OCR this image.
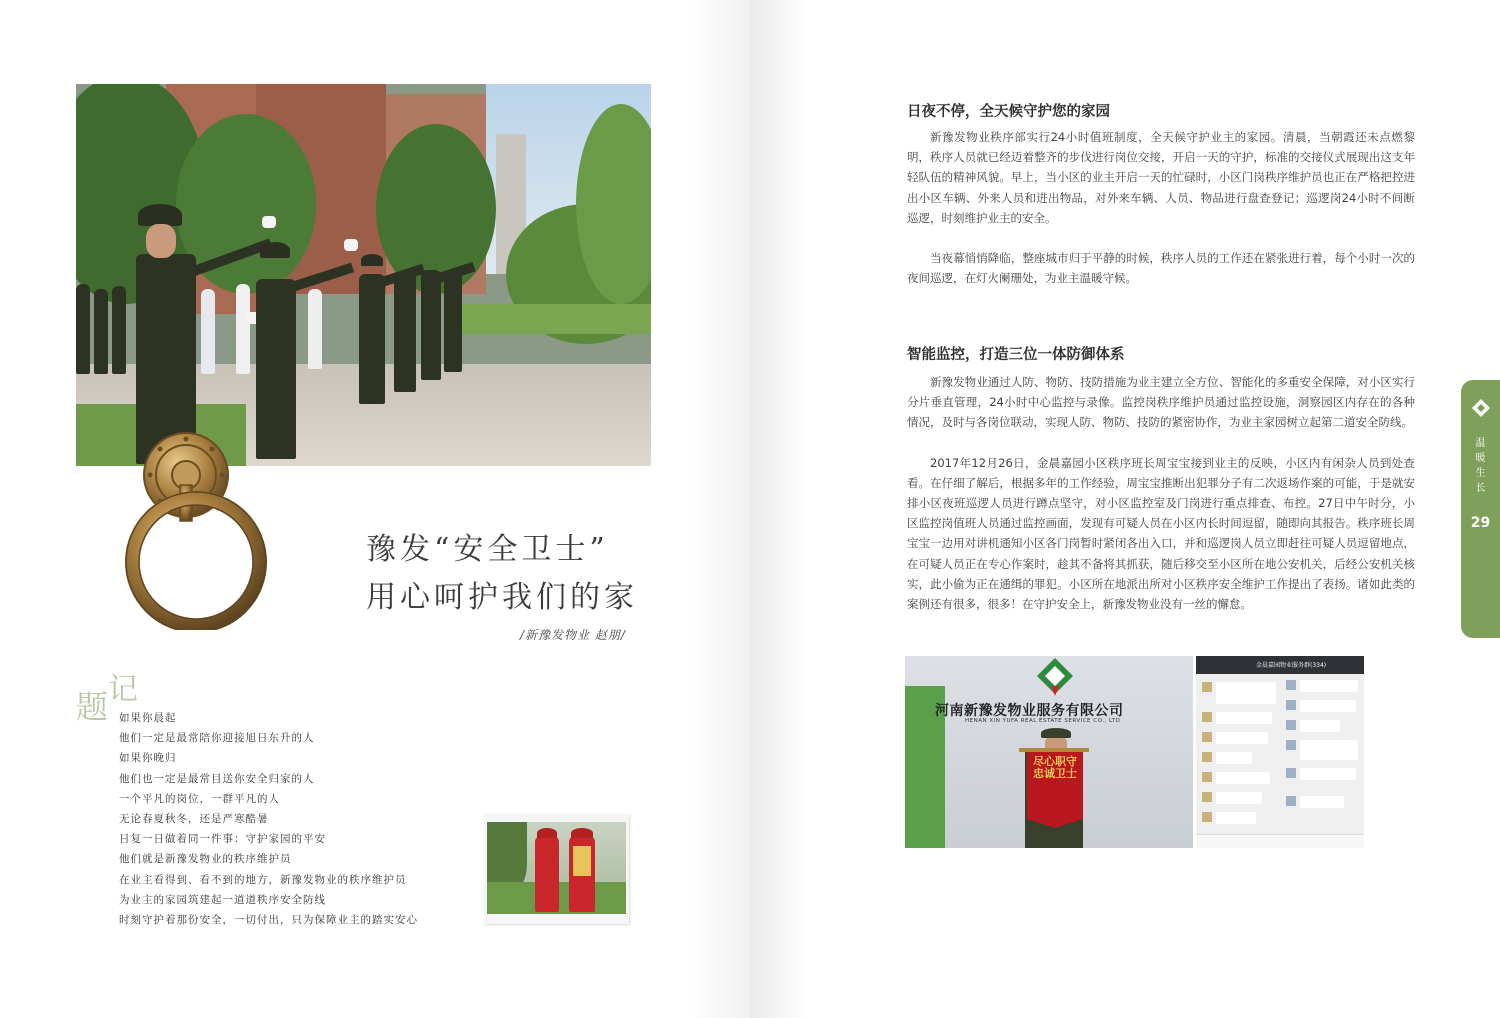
豫发“安全卫士”
用心呵护我们的家
/新豫发物业 赵朋/
题 记
如果你晨起
他们一定是最常陪你迎接旭日东升的人
如果你晚归
他们也一定是最常目送你安全归家的人
一个平凡的岗位，一群平凡的人
无论春夏秋冬，还是严寒酷暑
日复一日做着同一件事：守护家园的平安
他们就是新豫发物业的秩序维护员
在业主看得到、看不到的地方，新豫发物业的秩序维护员
为业主的家园筑建起一道道秩序安全防线
时刻守护着那份安全，一切付出，只为保障业主的踏实安心
日夜不停，全天候守护您的家园

新豫发物业秩序部实行24小时值班制度，全天候守护业主的家园。清晨，当朝霞还未点燃黎明，秩序人员就已经迈着整齐的步伐进行岗位交接，开启一天的守护，标准的交接仪式展现出这支年轻队伍的精神风貌。早上，当小区的业主开启一天的忙碌时，小区门岗秩序维护员也正在严格把控进出小区车辆、外来人员和进出物品，对外来车辆、人员、物品进行盘查登记；巡逻岗24小时不间断巡逻，时刻维护业主的安全。

当夜幕悄悄降临，整座城市归于平静的时候，秩序人员的工作还在紧张进行着，每个小时一次的夜间巡逻，在灯火阑珊处，为业主温暖守候。

智能监控，打造三位一体防御体系

新豫发物业通过人防、物防、技防措施为业主建立全方位、智能化的多重安全保障，对小区实行分片垂直管理，24小时中心监控与录像。监控岗秩序维护员通过监控设施，洞察园区内存在的各种情况，及时与各岗位联动，实现人防、物防、技防的紧密协作，为业主家园树立起第二道安全防线。

2017年12月26日，金晨嘉园小区秩序班长周宝宝接到业主的反映，小区内有闲杂人员到处查看。在仔细了解后，根据多年的工作经验，周宝宝推断出犯罪分子有二次返场作案的可能，于是就安排小区夜班巡逻人员进行蹲点坚守，对小区监控室及门岗进行重点排查、布控。27日中午时分，小区监控岗值班人员通过监控画面，发现有可疑人员在小区内长时间逗留，随即向其报告。秩序班长周宝宝一边用对讲机通知小区各门岗暂时紧闭各出入口，并和巡逻岗人员立即赶往可疑人员逗留地点，在可疑人员正在专心作案时，趁其不备将其抓获，随后移交至小区所在地公安机关，后经公安机关核实，此小偷为正在通缉的罪犯。小区所在地派出所对小区秩序安全维护工作提出了表扬。诸如此类的案例还有很多，很多！在守护安全上，新豫发物业没有一丝的懈怠。

河南新豫发物业服务有限公司
HENAN XIN YUFA REAL ESTATE SERVICE CO., LTD
尽心职守 忠诚卫士
金晨嘉园物业服务群(334)
温暖生长
29
